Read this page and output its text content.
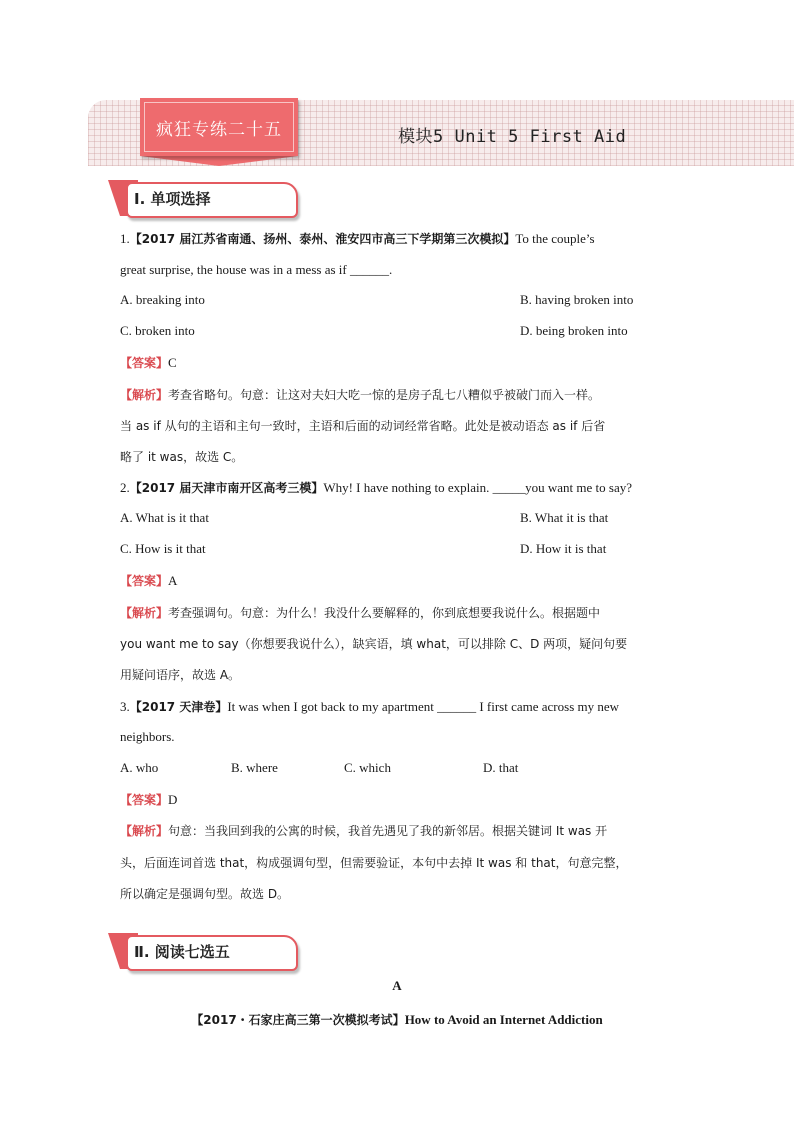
疯狂专练二十五	模块5 Unit 5 First Aid
Ⅰ. 单项选择
1.【2017 届江苏省南通、扬州、泰州、淮安四市高三下学期第三次模拟】To the couple’s
great surprise, the house was in a mess as if ______.
A. breaking into	B. having broken into
C. broken into	D. being broken into
【答案】C
【解析】考查省略句。句意：让这对夫妇大吃一惊的是房子乱七八糟似乎被破门而入一样。
当 as if 从句的主语和主句一致时，主语和后面的动词经常省略。此处是被动语态 as if 后省
略了 it was，故选 C。
2.【2017 届天津市南开区高考三模】Why! I have nothing to explain. _____you want me to say?
A. What is it that	B. What it is that
C. How is it that	D. How it is that
【答案】A
【解析】考查强调句。句意：为什么！我没什么要解释的，你到底想要我说什么。根据题中
you want me to say（你想要我说什么），缺宾语，填 what，可以排除 C、D 两项，疑问句要
用疑问语序，故选 A。
3.【2017 天津卷】It was when I got back to my apartment ______ I first came across my new
neighbors.
A. who	B. where	C. which	D. that
【答案】D
【解析】句意：当我回到我的公寓的时候，我首先遇见了我的新邻居。根据关键词 It was 开
头，后面连词首选 that，构成强调句型，但需要验证，本句中去掉 It was 和 that，句意完整，
所以确定是强调句型。故选 D。
Ⅱ. 阅读七选五
A
【2017・石家庄高三第一次模拟考试】How to Avoid an Internet Addiction
